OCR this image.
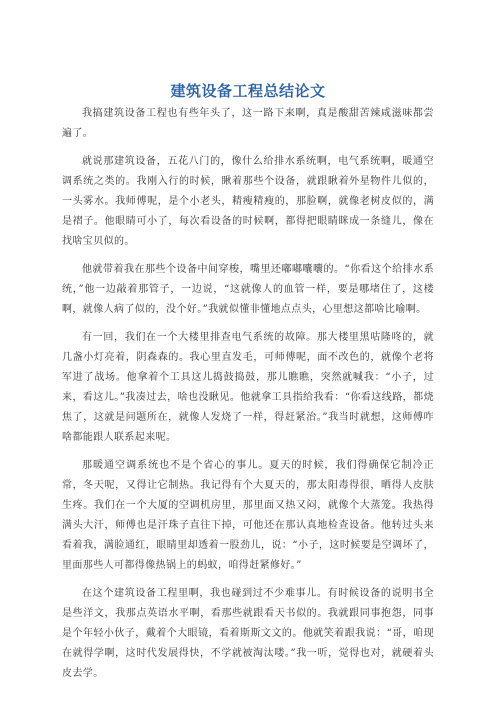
建筑设备工程总结论文

我搞建筑设备工程也有些年头了，这一路下来啊，真是酸甜苦辣咸滋味都尝遍了。

就说那建筑设备，五花八门的，像什么给排水系统啊，电气系统啊，暖通空调系统之类的。我刚入行的时候，瞅着那些个设备，就跟瞅着外星物件儿似的，一头雾水。我师傅呢，是个小老头，精瘦精瘦的，那脸啊，就像老树皮似的，满是褶子。他眼睛可小了，每次看设备的时候啊，都得把眼睛眯成一条缝儿，像在找啥宝贝似的。

他就带着我在那些个设备中间穿梭，嘴里还嘟嘟囔囔的。“你看这个给排水系统，”他一边敲着那管子，一边说，“这就像人的血管一样，要是哪堵住了，这楼啊，就像人病了似的，没个好。”我就似懂非懂地点点头，心里想这都啥比喻啊。

有一回，我们在一个大楼里排查电气系统的故障。那大楼里黑咕隆咚的，就几盏小灯亮着，阴森森的。我心里直发毛，可师傅呢，面不改色的，就像个老将军进了战场。他拿着个工具这儿捣鼓捣鼓，那儿瞧瞧，突然就喊我：“小子，过来，看这儿。”我凑过去，啥也没瞅见。他就拿工具指给我看：“你看这线路，都烧焦了，这就是问题所在，就像人发烧了一样，得赶紧治。”我当时就想，这师傅咋啥都能跟人联系起来呢。

那暖通空调系统也不是个省心的事儿。夏天的时候，我们得确保它制冷正常，冬天呢，又得让它制热。我记得有个大夏天的，那太阳毒得很，晒得人皮肤生疼。我们在一个大厦的空调机房里，那里面又热又闷，就像个大蒸笼。我热得满头大汗，师傅也是汗珠子直往下掉，可他还在那认真地检查设备。他转过头来看着我，满脸通红，眼睛里却透着一股劲儿，说：“小子，这时候要是空调坏了，里面那些人可都得像热锅上的蚂蚁，咱得赶紧修好。”

在这个建筑设备工程里啊，我也碰到过不少难事儿。有时候设备的说明书全是些洋文，我那点英语水平啊，看那些就跟看天书似的。我就跟同事抱怨，同事是个年轻小伙子，戴着个大眼镜，看着斯斯文文的。他就笑着跟我说：“哥，咱现在就得学啊，这时代发展得快，不学就被淘汰喽。”我一听，觉得也对，就硬着头皮去学。
